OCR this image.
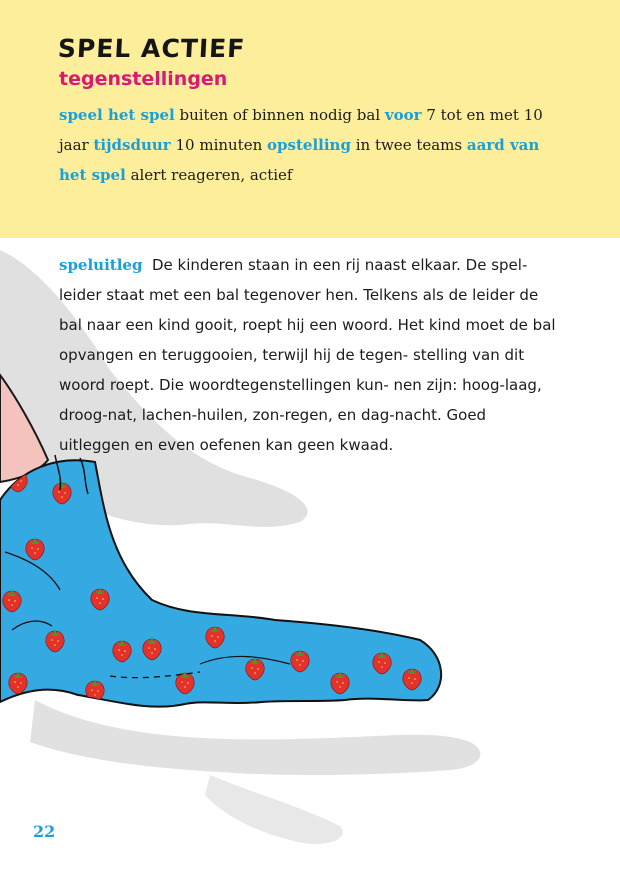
SPEL ACTIEF
tegenstellingen

speel het spel buiten of binnen nodig bal voor 7 tot en met 10 jaar tijdsduur 10 minuten opstelling in twee teams aard van het spel alert reageren, actief

speluitleg De kinderen staan in een rij naast elkaar. De spel- leider staat met een bal tegenover hen. Telkens als de leider de bal naar een kind gooit, roept hij een woord. Het kind moet de bal opvangen en teruggooien, terwijl hij de tegen- stelling van dit woord roept. Die woordtegenstellingen kun- nen zijn: hoog-laag, droog-nat, lachen-huilen, zon-regen, en dag-nacht. Goed uitleggen en even oefenen kan geen kwaad.

22
